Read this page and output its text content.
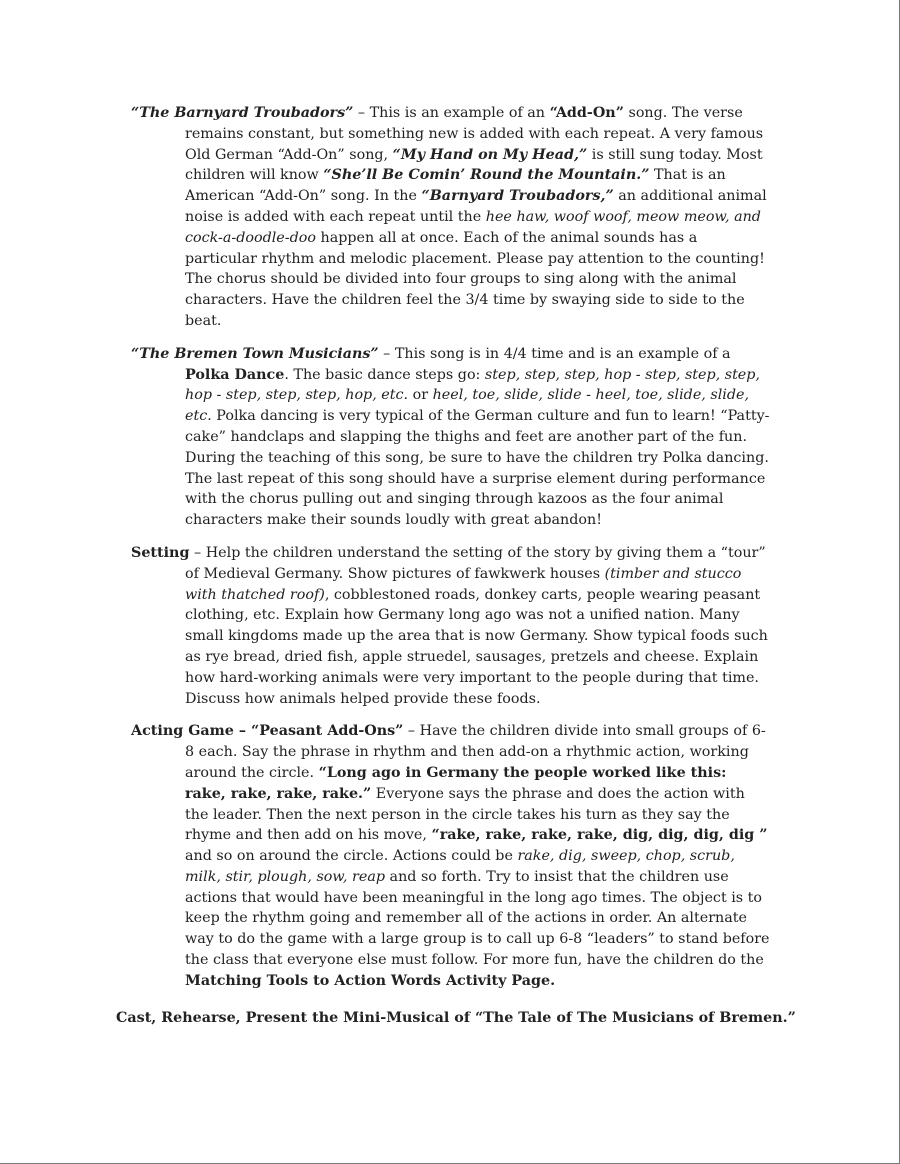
“The Barnyard Troubadors” – This is an example of an “Add-On” song. The verse remains constant, but something new is added with each repeat. A very famous Old German “Add-On” song, “My Hand on My Head,” is still sung today. Most children will know “She’ll Be Comin’ Round the Mountain.” That is an American “Add-On” song. In the “Barnyard Troubadors,” an additional animal noise is added with each repeat until the hee haw, woof woof, meow meow, and cock-a-doodle-doo happen all at once. Each of the animal sounds has a particular rhythm and melodic placement. Please pay attention to the counting! The chorus should be divided into four groups to sing along with the animal characters. Have the children feel the 3/4 time by swaying side to side to the beat.

“The Bremen Town Musicians” – This song is in 4/4 time and is an example of a Polka Dance. The basic dance steps go: step, step, step, hop - step, step, step, hop - step, step, step, hop, etc. or heel, toe, slide, slide - heel, toe, slide, slide, etc. Polka dancing is very typical of the German culture and fun to learn! “Patty-cake” handclaps and slapping the thighs and feet are another part of the fun. During the teaching of this song, be sure to have the children try Polka dancing. The last repeat of this song should have a surprise element during performance with the chorus pulling out and singing through kazoos as the four animal characters make their sounds loudly with great abandon!

Setting – Help the children understand the setting of the story by giving them a “tour” of Medieval Germany. Show pictures of fawkwerk houses (timber and stucco with thatched roof), cobblestoned roads, donkey carts, people wearing peasant clothing, etc. Explain how Germany long ago was not a unified nation. Many small kingdoms made up the area that is now Germany. Show typical foods such as rye bread, dried fish, apple struedel, sausages, pretzels and cheese. Explain how hard-working animals were very important to the people during that time. Discuss how animals helped provide these foods.

Acting Game – “Peasant Add-Ons” – Have the children divide into small groups of 6-8 each. Say the phrase in rhythm and then add-on a rhythmic action, working around the circle. “Long ago in Germany the people worked like this: rake, rake, rake, rake.” Everyone says the phrase and does the action with the leader. Then the next person in the circle takes his turn as they say the rhyme and then add on his move, “rake, rake, rake, rake, dig, dig, dig, dig ” and so on around the circle. Actions could be rake, dig, sweep, chop, scrub, milk, stir, plough, sow, reap and so forth. Try to insist that the children use actions that would have been meaningful in the long ago times. The object is to keep the rhythm going and remember all of the actions in order. An alternate way to do the game with a large group is to call up 6-8 “leaders” to stand before the class that everyone else must follow. For more fun, have the children do the Matching Tools to Action Words Activity Page.

Cast, Rehearse, Present the Mini-Musical of “The Tale of The Musicians of Bremen.”
